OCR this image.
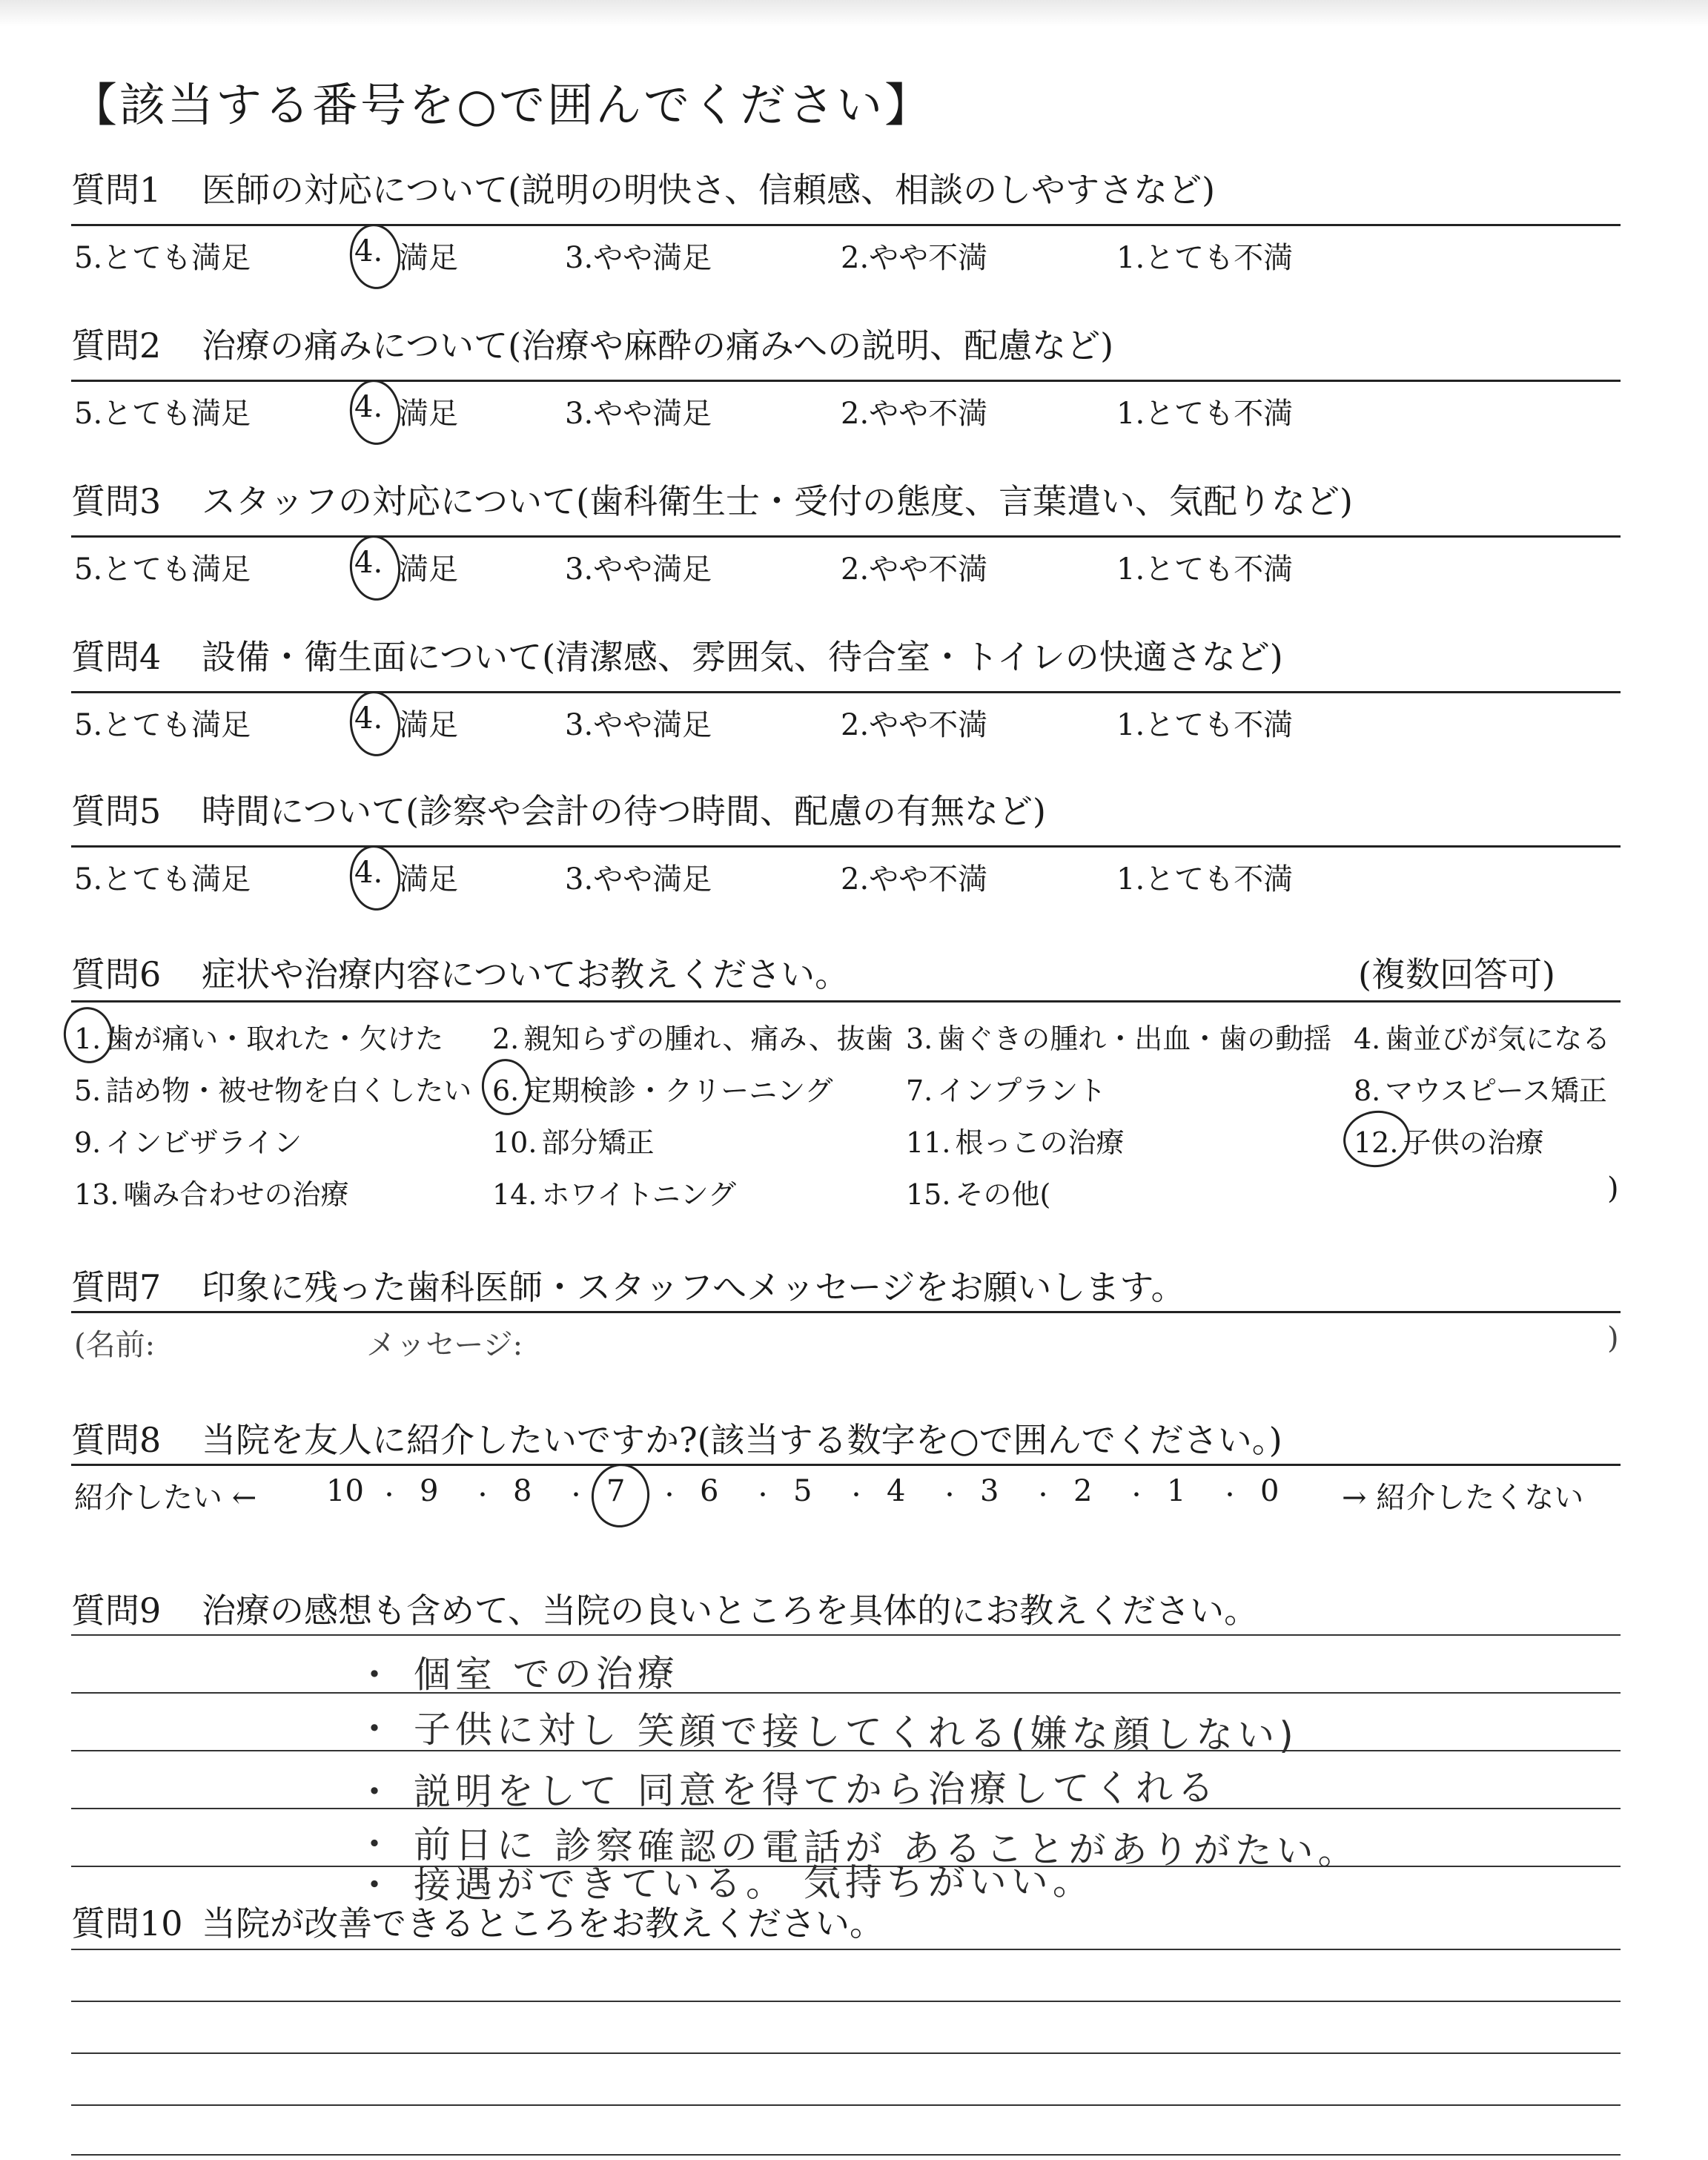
【該当する番号を○で囲んでください】
質問1 医師の対応について(説明の明快さ、信頼感、相談のしやすさなど)
5.とても満足	4. 満足	3.やや満足	2.やや不満	1.とても不満
質問2 治療の痛みについて(治療や麻酔の痛みへの説明、配慮など)
5.とても満足	4. 満足	3.やや満足	2.やや不満	1.とても不満
質問3 スタッフの対応について(歯科衛生士・受付の態度、言葉遣い、気配りなど)
5.とても満足	4. 満足	3.やや満足	2.やや不満	1.とても不満
質問4 設備・衛生面について(清潔感、雰囲気、待合室・トイレの快適さなど)
5.とても満足	4. 満足	3.やや満足	2.やや不満	1.とても不満
質問5 時間について(診察や会計の待つ時間、配慮の有無など)
5.とても満足	4. 満足	3.やや満足	2.やや不満	1.とても不満
質問6 症状や治療内容についてお教えください。	(複数回答可)
1. 歯が痛い・取れた・欠けた 2. 親知らずの腫れ、痛み、抜歯 3. 歯ぐきの腫れ・出血・歯の動揺 4. 歯並びが気になる
5. 詰め物・被せ物を白くしたい 6. 定期検診・クリーニング	7. インプラント	8. マウスピース矯正
9. インビザライン	10. 部分矯正	11. 根っこの治療	12. 子供の治療
13. 噛み合わせの治療	14. ホワイトニング	15. その他(	)
質問7 印象に残った歯科医師・スタッフへメッセージをお願いします。
(名前:	メッセージ:	)
質問8 当院を友人に紹介したいですか?(該当する数字を○で囲んでください。)
紹介したい ←	→ 紹介したくない
10 ・ 9 ・ 8 ・ 7 ・ 6 ・ 5 ・ 4 ・ 3 ・ 2 ・ 1 ・ 0
質問9 治療の感想も含めて、当院の良いところを具体的にお教えください。
・ 個室 での治療
・ 子供に対し 笑顔で接してくれる(嫌な顔しない)
・ 説明をして 同意を得てから治療してくれる
・ 前日に 診察確認の電話が あることがありがたい。
・ 接遇ができている。 気持ちがいい。
質問10 当院が改善できるところをお教えください。
